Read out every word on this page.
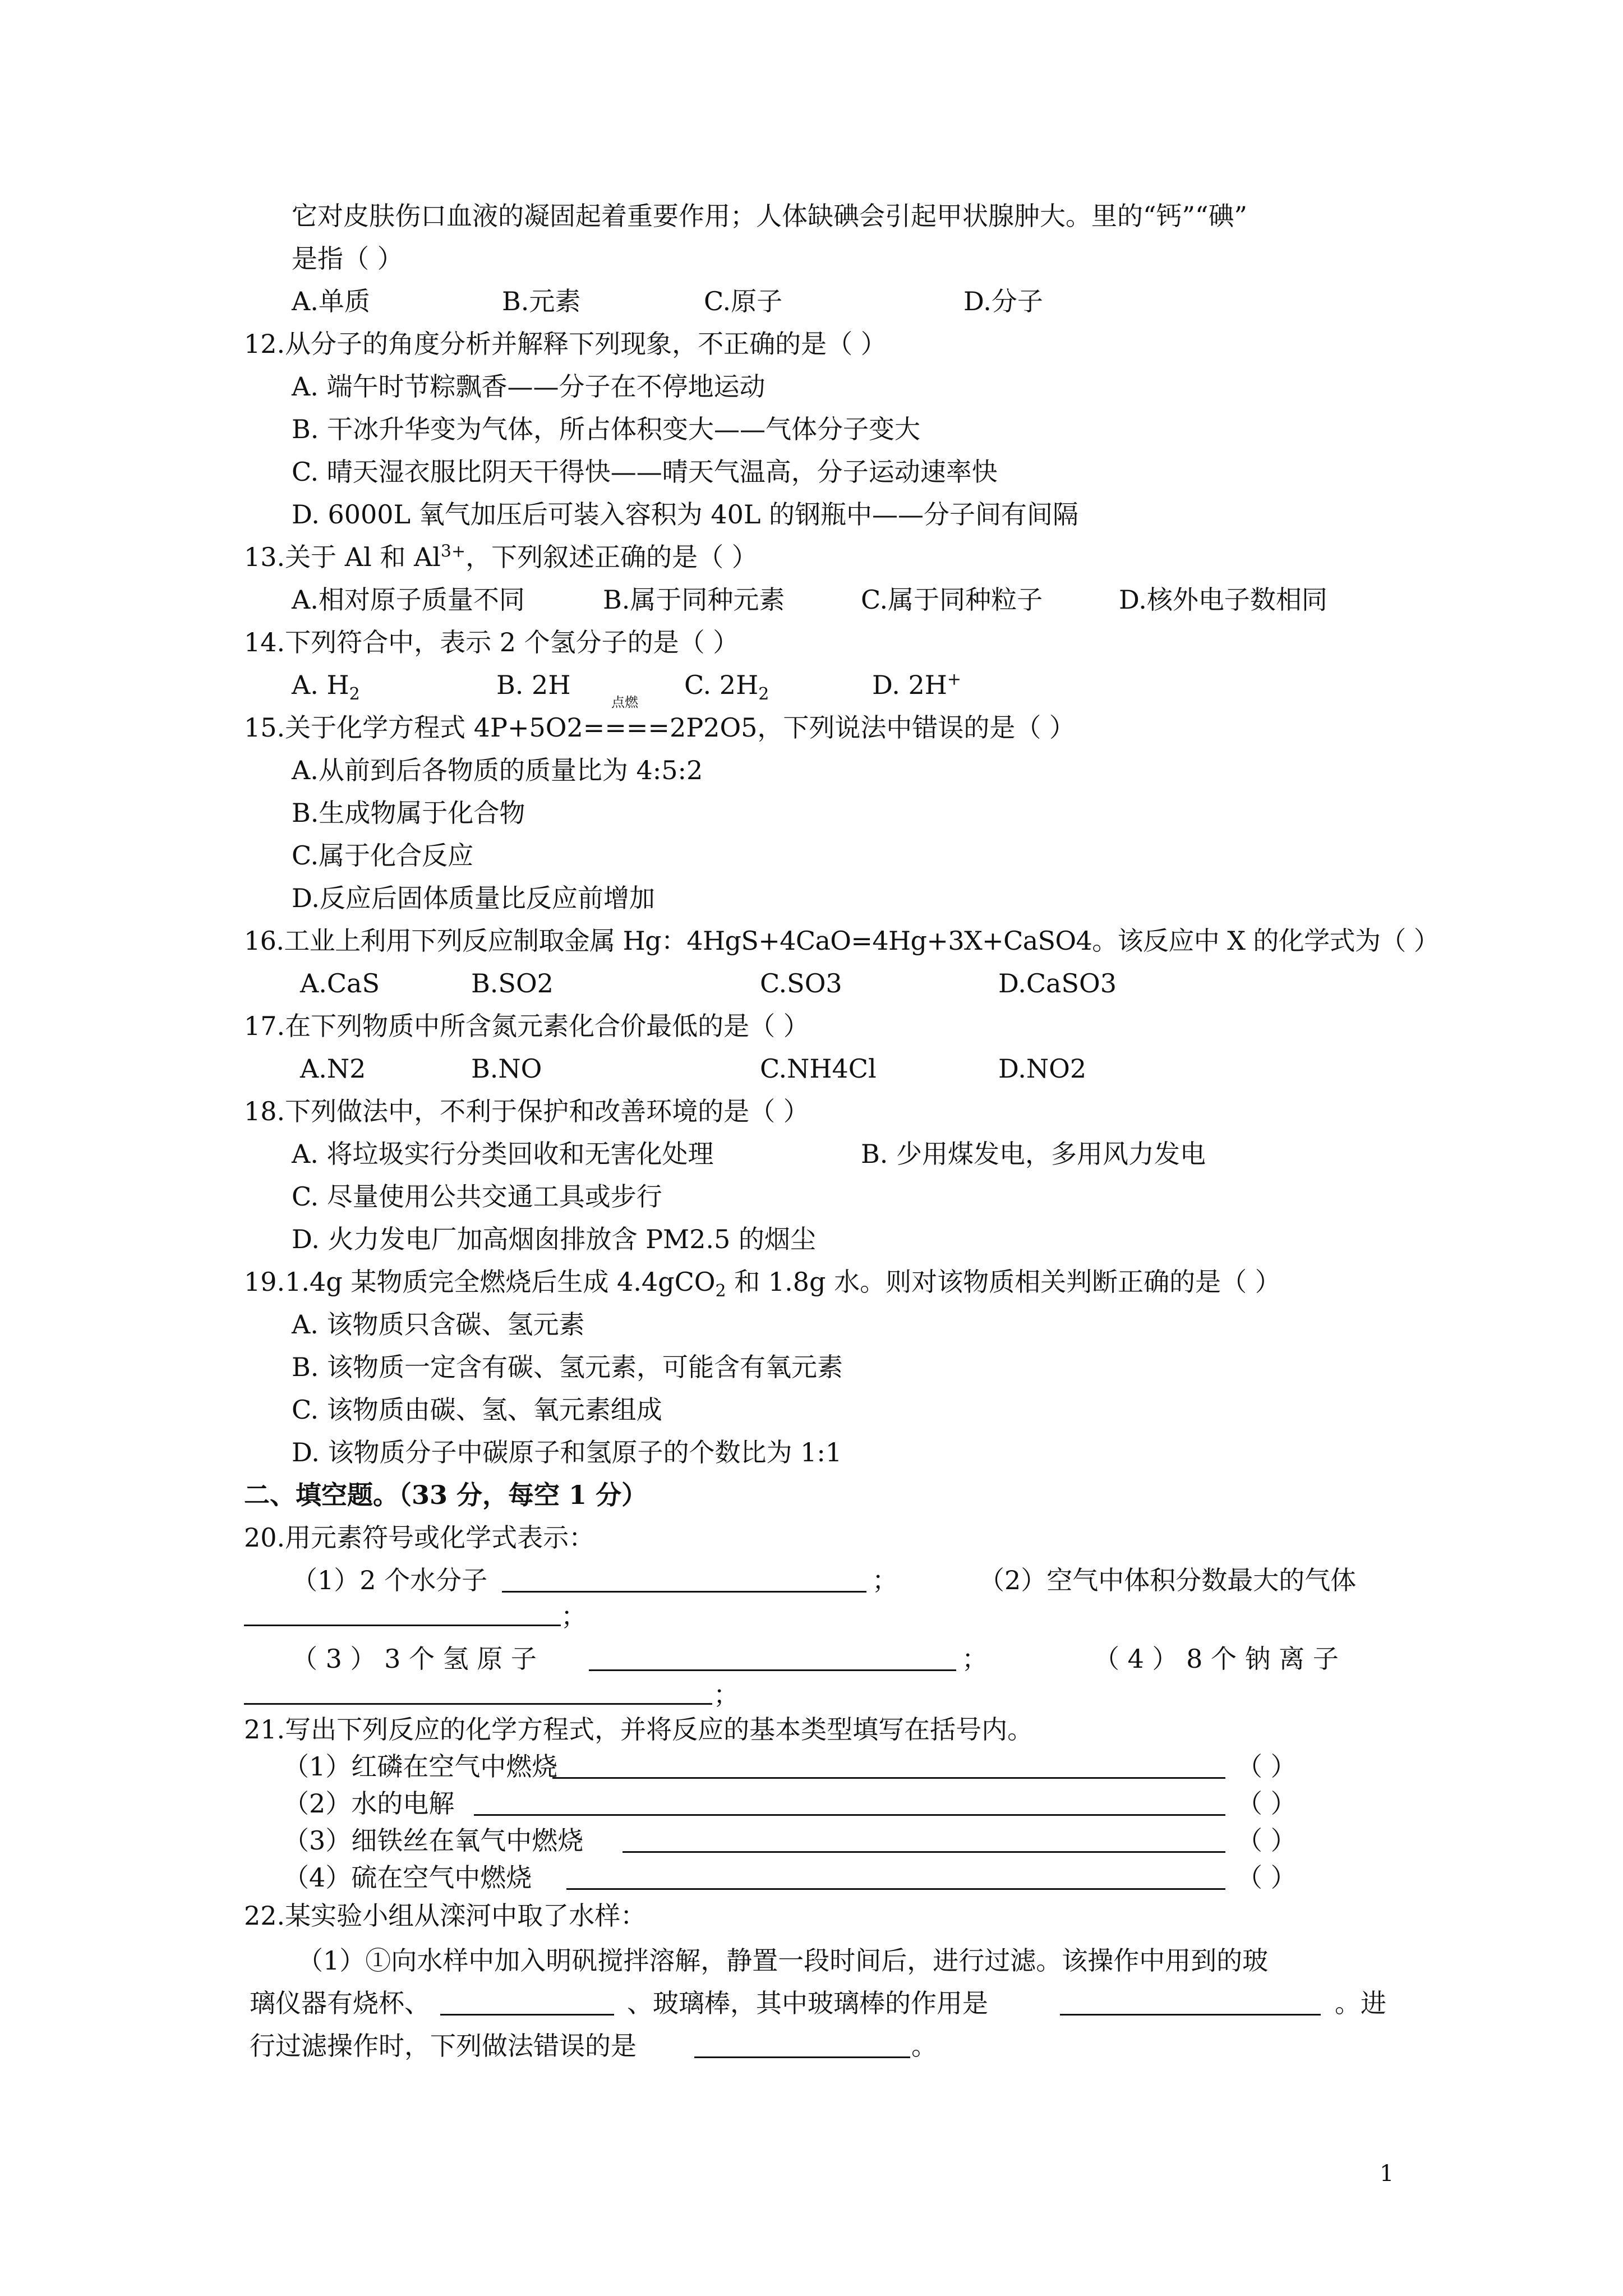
它对皮肤伤口血液的凝固起着重要作用；人体缺碘会引起甲状腺肿大。里的“钙”“碘”
是指（ ）
A.单质	B.元素	C.原子	D.分子
12.从分子的角度分析并解释下列现象，不正确的是（ ）
A. 端午时节粽飘香——分子在不停地运动
B. 干冰升华变为气体，所占体积变大——气体分子变大
C. 晴天湿衣服比阴天干得快——晴天气温高，分子运动速率快
D. 6000L 氧气加压后可装入容积为 40L 的钢瓶中——分子间有间隔
13.关于 Al 和 $Al^{3+}$，下列叙述正确的是（ ）
A.相对原子质量不同	B.属于同种元素	C.属于同种粒子	D.核外电子数相同
14.下列符合中，表示 2 个氢分子的是（ ）
A. $H_2$	B. 2H	C. $2H_2$	D. 2H+
点燃
15.关于化学方程式 4P+5O2====2P2O5，下列说法中错误的是（ ）
A.从前到后各物质的质量比为 4:5:2
B.生成物属于化合物
C.属于化合反应
D.反应后固体质量比反应前增加
16.工业上利用下列反应制取金属 Hg：4HgS+4CaO=4Hg+3X+CaSO4。该反应中 X 的化学式为（ ）
A.CaS	B.SO2	C.SO3	D.CaSO3
17.在下列物质中所含氮元素化合价最低的是（ ）
A.N2	B.NO	C.NH4Cl	D.NO2
18.下列做法中，不利于保护和改善环境的是（ ）
A. 将垃圾实行分类回收和无害化处理	B. 少用煤发电，多用风力发电
C. 尽量使用公共交通工具或步行
D. 火力发电厂加高烟囱排放含 PM2.5 的烟尘
19.1.4g 某物质完全燃烧后生成 4.4gCO$_2$ 和 1.8g 水。则对该物质相关判断正确的是（ ）
A. 该物质只含碳、氢元素
B. 该物质一定含有碳、氢元素，可能含有氧元素
C. 该物质由碳、氢、氧元素组成
D. 该物质分子中碳原子和氢原子的个数比为 1:1
二、填空题。（33 分，每空 1 分）
20.用元素符号或化学式表示：
（1）2 个水分子	；	（2）空气中体积分数最大的气体
；
（ 3 ） 3 个 氢 原 子	；	（ 4 ） 8 个 钠 离 子
；
21.写出下列反应的化学方程式，并将反应的基本类型填写在括号内。
（1）红磷在空气中燃烧	（ ）
（2）水的电解	（ ）
（3）细铁丝在氧气中燃烧	（ ）
（4）硫在空气中燃烧	（ ）
22.某实验小组从滦河中取了水样：
（1）①向水样中加入明矾搅拌溶解，静置一段时间后，进行过滤。该操作中用到的玻
璃仪器有烧杯、	、玻璃棒，其中玻璃棒的作用是	。进
行过滤操作时，下列做法错误的是	。
1
